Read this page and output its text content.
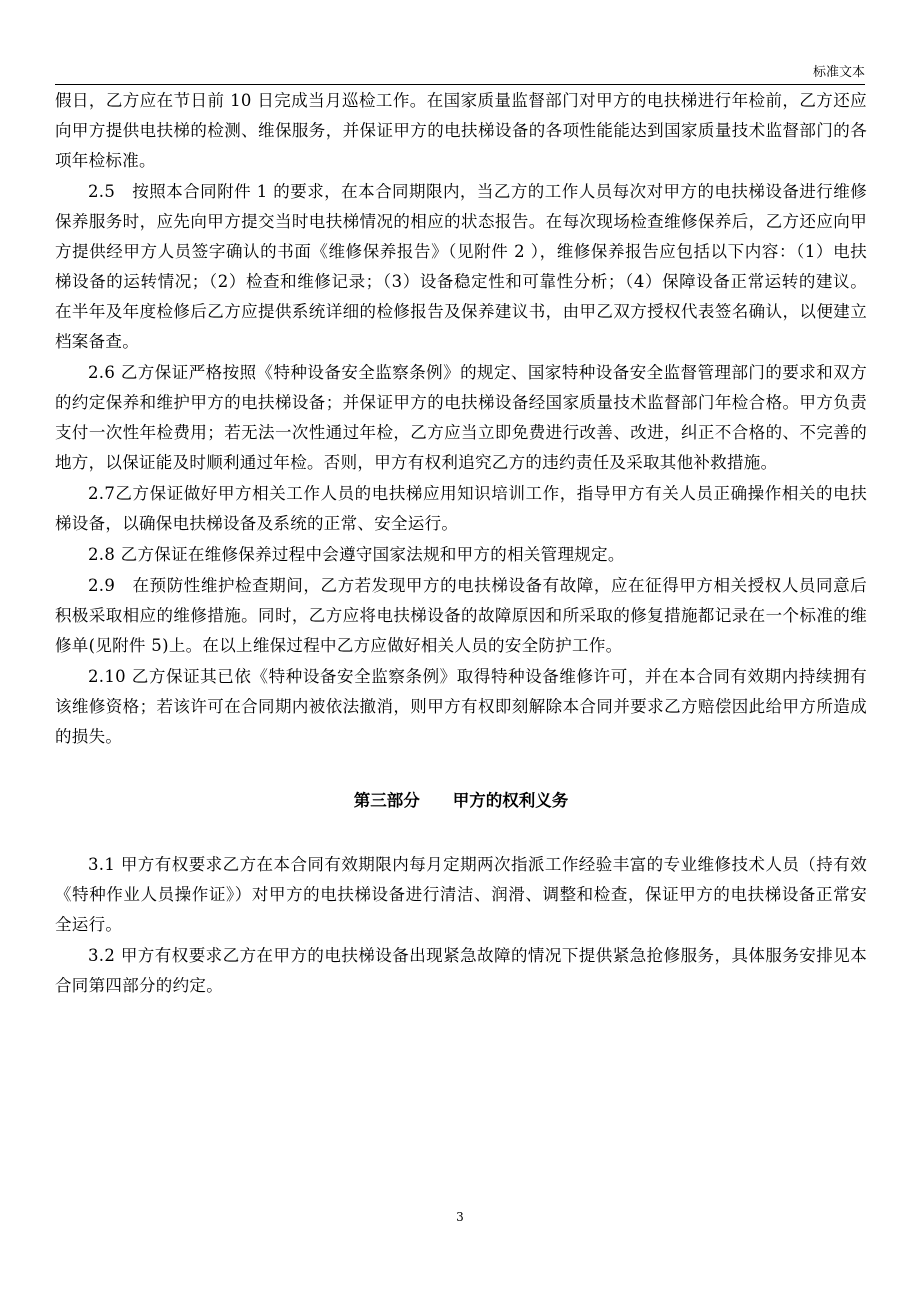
标准文本

假日，乙方应在节日前 10 日完成当月巡检工作。在国家质量监督部门对甲方的电扶梯进行年检前，乙方还应向甲方提供电扶梯的检测、维保服务，并保证甲方的电扶梯设备的各项性能能达到国家质量技术监督部门的各项年检标准。

2.5　按照本合同附件 1 的要求，在本合同期限内，当乙方的工作人员每次对甲方的电扶梯设备进行维修保养服务时，应先向甲方提交当时电扶梯情况的相应的状态报告。在每次现场检查维修保养后，乙方还应向甲方提供经甲方人员签字确认的书面《维修保养报告》（见附件 2 ），维修保养报告应包括以下内容：（1）电扶梯设备的运转情况；（2）检查和维修记录；（3）设备稳定性和可靠性分析；（4）保障设备正常运转的建议。在半年及年度检修后乙方应提供系统详细的检修报告及保养建议书，由甲乙双方授权代表签名确认，以便建立档案备查。

2.6 乙方保证严格按照《特种设备安全监察条例》的规定、国家特种设备安全监督管理部门的要求和双方的约定保养和维护甲方的电扶梯设备；并保证甲方的电扶梯设备经国家质量技术监督部门年检合格。甲方负责支付一次性年检费用；若无法一次性通过年检，乙方应当立即免费进行改善、改进，纠正不合格的、不完善的地方，以保证能及时顺利通过年检。否则，甲方有权利追究乙方的违约责任及采取其他补救措施。

2.7乙方保证做好甲方相关工作人员的电扶梯应用知识培训工作，指导甲方有关人员正确操作相关的电扶梯设备，以确保电扶梯设备及系统的正常、安全运行。

2.8 乙方保证在维修保养过程中会遵守国家法规和甲方的相关管理规定。

2.9　在预防性维护检查期间，乙方若发现甲方的电扶梯设备有故障，应在征得甲方相关授权人员同意后积极采取相应的维修措施。同时，乙方应将电扶梯设备的故障原因和所采取的修复措施都记录在一个标准的维修单(见附件 5)上。在以上维保过程中乙方应做好相关人员的安全防护工作。

2.10 乙方保证其已依《特种设备安全监察条例》取得特种设备维修许可，并在本合同有效期内持续拥有该维修资格；若该许可在合同期内被依法撤消，则甲方有权即刻解除本合同并要求乙方赔偿因此给甲方所造成的损失。

第三部分　　甲方的权利义务

3.1 甲方有权要求乙方在本合同有效期限内每月定期两次指派工作经验丰富的专业维修技术人员（持有效《特种作业人员操作证》）对甲方的电扶梯设备进行清洁、润滑、调整和检查，保证甲方的电扶梯设备正常安全运行。

3.2 甲方有权要求乙方在甲方的电扶梯设备出现紧急故障的情况下提供紧急抢修服务，具体服务安排见本合同第四部分的约定。

3
